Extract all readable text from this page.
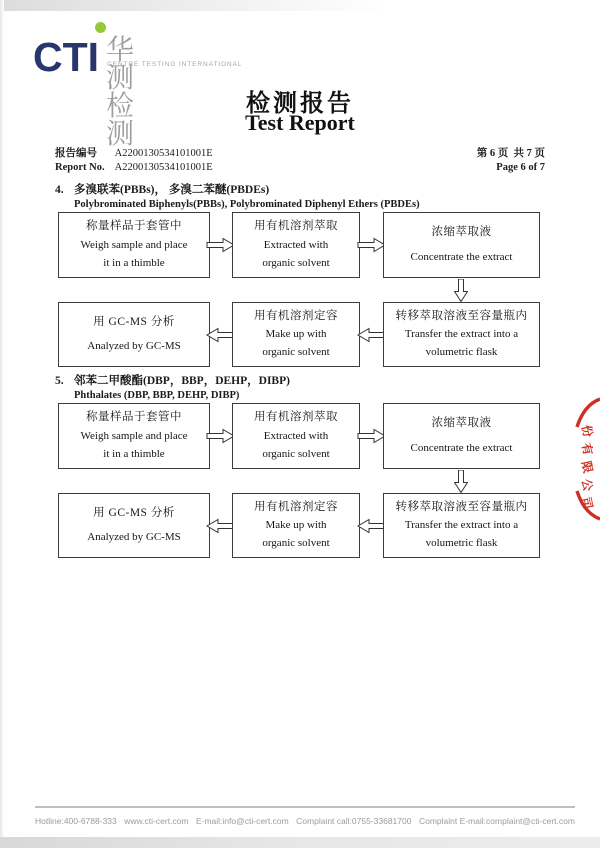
CTI 华测检测
CENTRE TESTING INTERNATIONAL
检测报告
Test Report
报告编号 A2200130534101001E
Report No. A2200130534101001E
第 6 页  共 7 页
Page 6 of 7
4. 多溴联苯(PBBs)， 多溴二苯醚(PBDEs)
Polybrominated Biphenyls(PBBs), Polybrominated Diphenyl Ethers (PBDEs)
称量样品于套管中
Weigh sample and place
it in a thimble
用有机溶剂萃取
Extracted with
organic solvent
浓缩萃取液
Concentrate the extract
用 GC-MS 分析
Analyzed by GC-MS
用有机溶剂定容
Make up with
organic solvent
转移萃取溶液至容量瓶内
Transfer the extract into a
volumetric flask
5. 邻苯二甲酸酯(DBP，BBP，DEHP，DIBP)
Phthalates (DBP, BBP, DEHP, DIBP)
称量样品于套管中
Weigh sample and place
it in a thimble
用有机溶剂萃取
Extracted with
organic solvent
浓缩萃取液
Concentrate the extract
用 GC-MS 分析
Analyzed by GC-MS
用有机溶剂定容
Make up with
organic solvent
转移萃取溶液至容量瓶内
Transfer the extract into a
volumetric flask
份
有
限
公
司
Hotline:400-6788-333 www.cti-cert.com E-mail:info@cti-cert.com Complaint call:0755-33681700 Complaint E-mail:complaint@cti-cert.com
